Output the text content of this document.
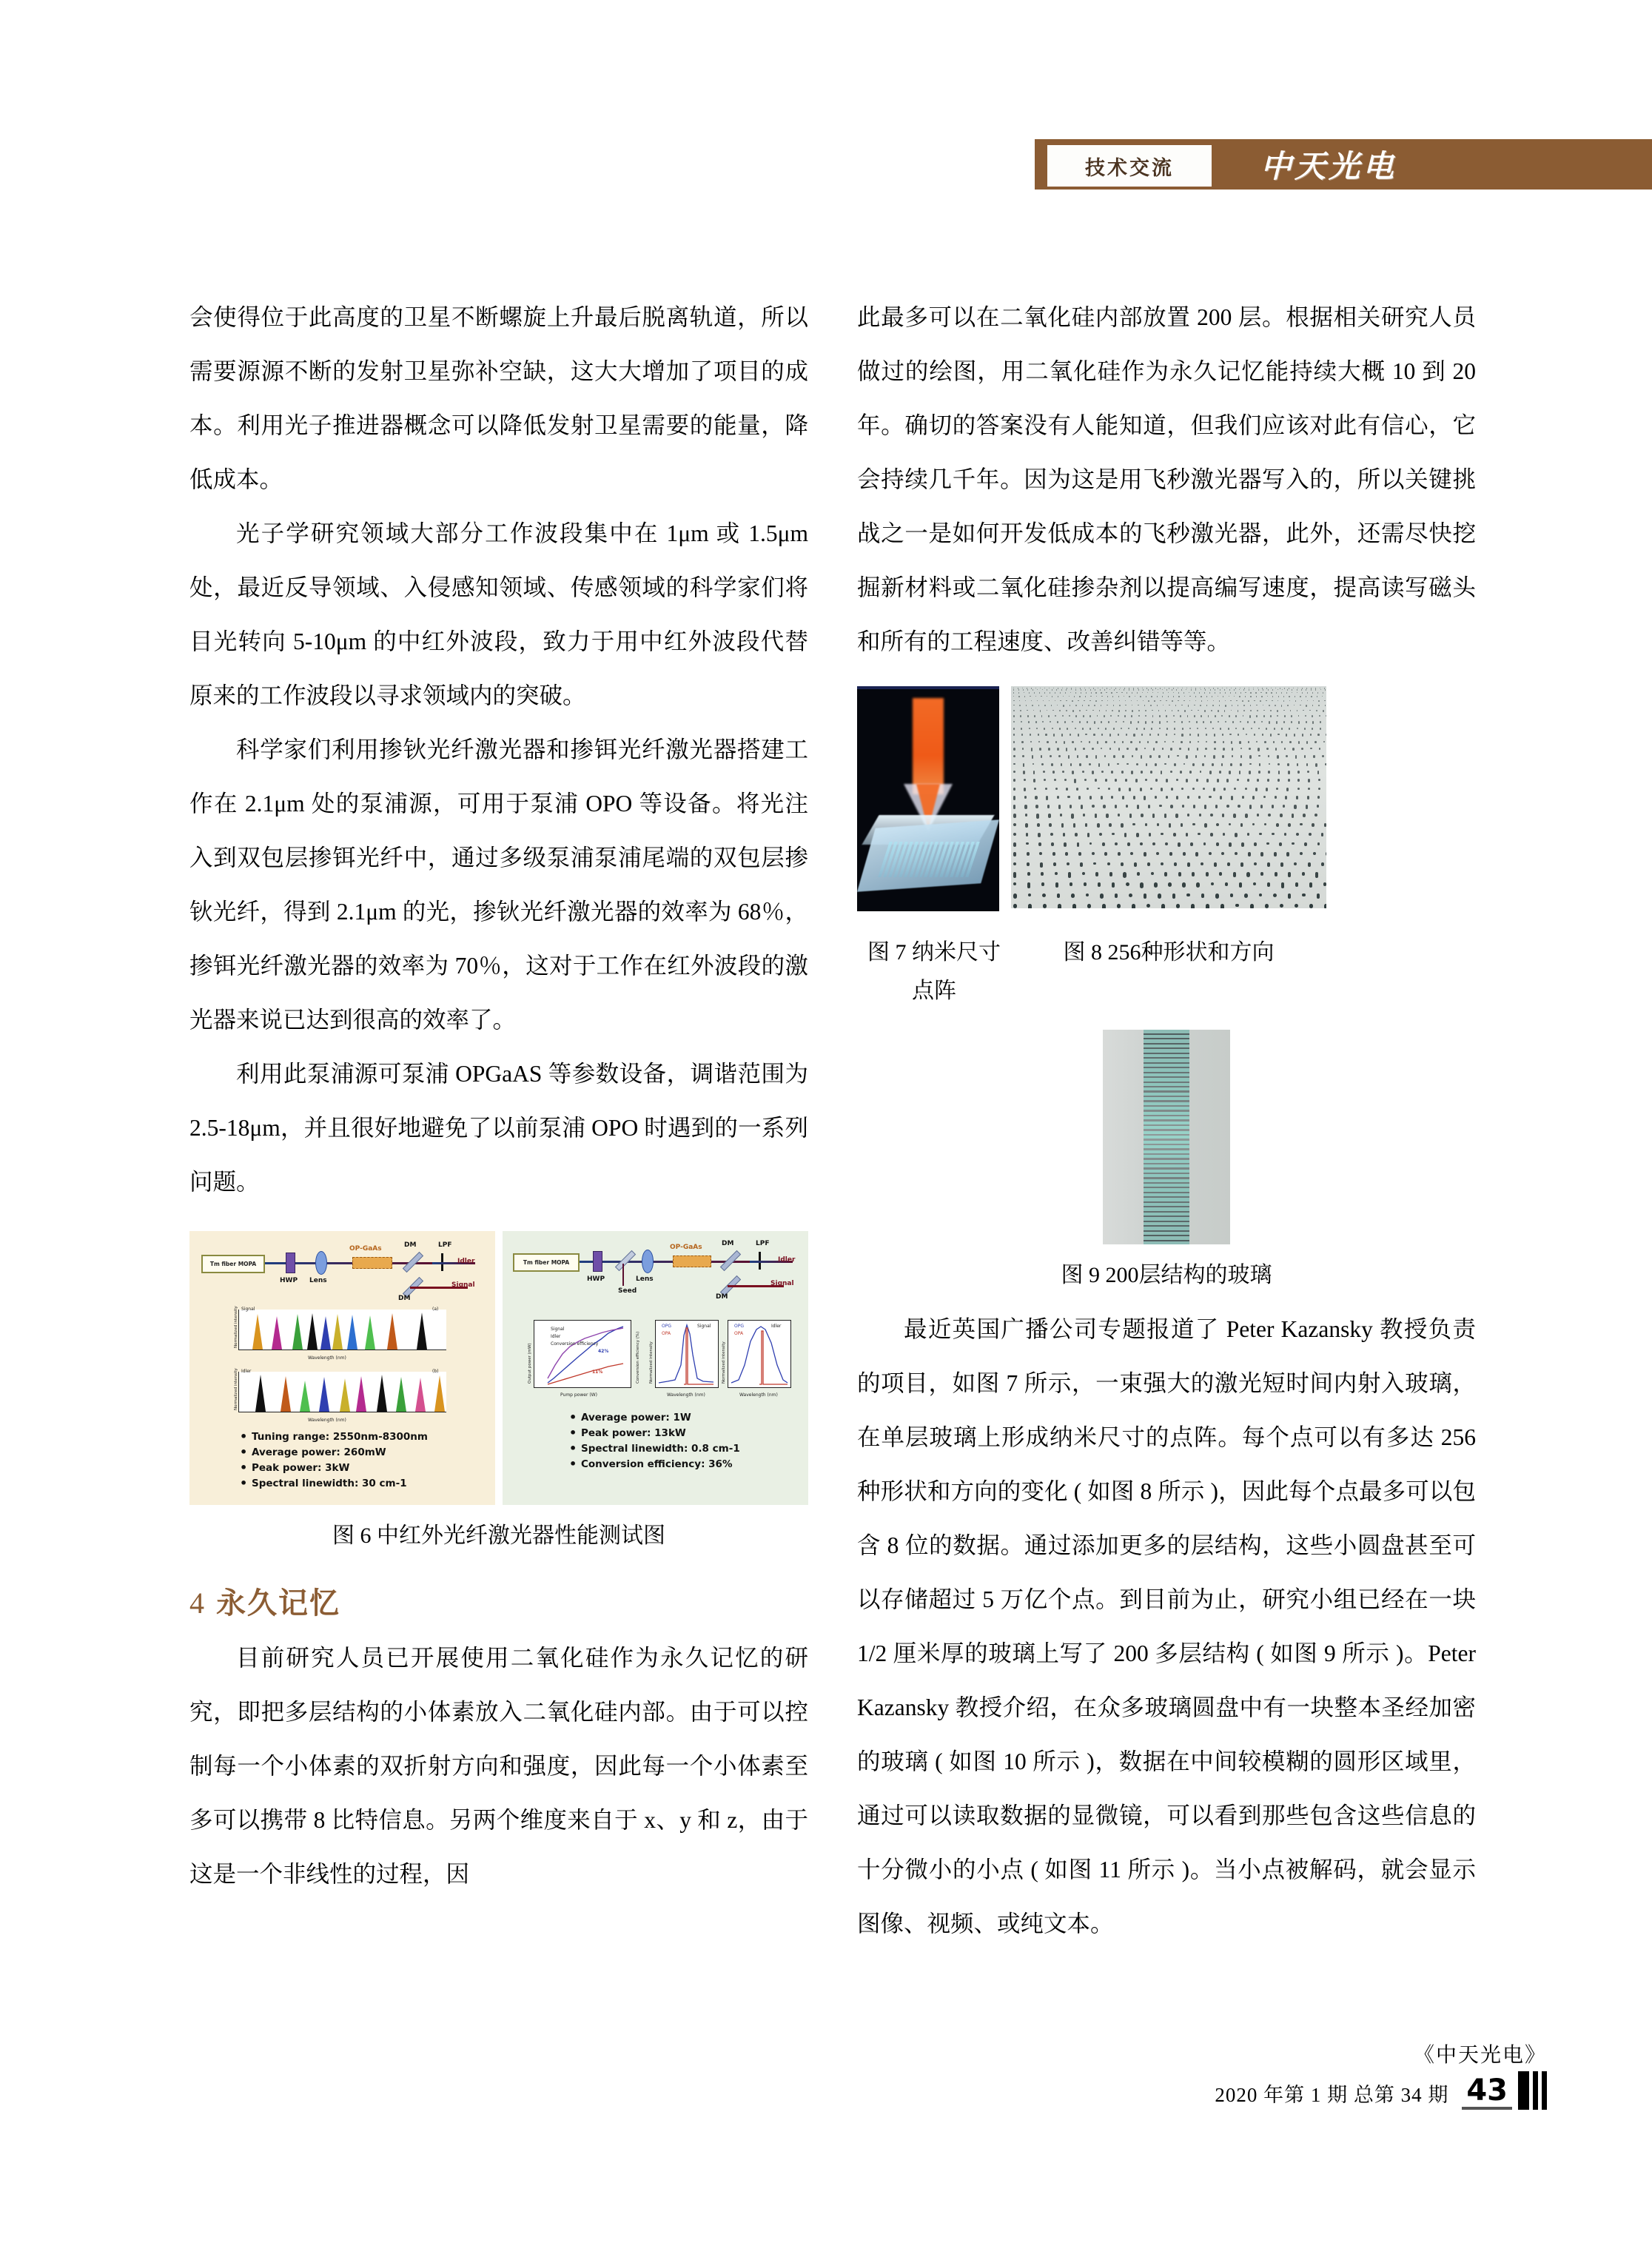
技术交流	中天光电

会使得位于此高度的卫星不断螺旋上升最后脱离轨道，所以需要源源不断的发射卫星弥补空缺，这大大增加了项目的成本。利用光子推进器概念可以降低发射卫星需要的能量，降低成本。

光子学研究领域大部分工作波段集中在 1μm 或 1.5μm 处，最近反导领域、入侵感知领域、传感领域的科学家们将目光转向 5-10μm 的中红外波段，致力于用中红外波段代替原来的工作波段以寻求领域内的突破。

科学家们利用掺钬光纤激光器和掺铒光纤激光器搭建工作在 2.1μm 处的泵浦源，可用于泵浦 OPO 等设备。将光注入到双包层掺铒光纤中，通过多级泵浦泵浦尾端的双包层掺钬光纤，得到 2.1μm 的光，掺钬光纤激光器的效率为 68％，掺铒光纤激光器的效率为 70％，这对于工作在红外波段的激光器来说已达到很高的效率了。

利用此泵浦源可泵浦 OPGaAS 等参数设备，调谐范围为 2.5-18μm，并且很好地避免了以前泵浦 OPO 时遇到的一系列问题。

Tm fiber MOPA
HWP Lens
OP-GaAs	DM
DM
LPF
Idler
Signal
(a)
Signal
Wavelength (nm)
Normalized intensity
(b)
Idler
Wavelength (nm)
Normalized intensity
• Tuning range: 2550nm-8300nm
• Average power: 260mW
• Peak power: 3kW
• Spectral linewidth: 30 cm-1
Tm fiber MOPA
HWP
Seed
Lens
OP-GaAs	DM
DM
LPF
Idler
Signal
42%
11%
Signal
Idler
Conversion efficiency
Pump power (W)
Output power (mW)	Conversion efficiency (%)
OPG
OPA
Signal
Wavelength (nm)
Normalized intensity
OPG
OPA
Idler
Wavelength (nm)
Normalized intensity
• Average power: 1W
• Peak power: 13kW
• Spectral linewidth: 0.8 cm-1
• Conversion efficiency: 36%
图 6 中红外光纤激光器性能测试图
4 永久记忆

目前研究人员已开展使用二氧化硅作为永久记忆的研究，即把多层结构的小体素放入二氧化硅内部。由于可以控制每一个小体素的双折射方向和强度，因此每一个小体素至多可以携带 8 比特信息。另两个维度来自于 x、y 和 z，由于这是一个非线性的过程，因

此最多可以在二氧化硅内部放置 200 层。根据相关研究人员做过的绘图，用二氧化硅作为永久记忆能持续大概 10 到 20 年。确切的答案没有人能知道，但我们应该对此有信心，它会持续几千年。因为这是用飞秒激光器写入的，所以关键挑战之一是如何开发低成本的飞秒激光器，此外，还需尽快挖掘新材料或二氧化硅掺杂剂以提高编写速度，提高读写磁头和所有的工程速度、改善纠错等等。

图 7 纳米尺寸点阵
图 8 256种形状和方向
图 9 200层结构的玻璃

最近英国广播公司专题报道了 Peter Kazansky 教授负责的项目，如图 7 所示，一束强大的激光短时间内射入玻璃，在单层玻璃上形成纳米尺寸的点阵。每个点可以有多达 256 种形状和方向的变化 ( 如图 8 所示 )，因此每个点最多可以包含 8 位的数据。通过添加更多的层结构，这些小圆盘甚至可以存储超过 5 万亿个点。到目前为止，研究小组已经在一块 1/2 厘米厚的玻璃上写了 200 多层结构 ( 如图 9 所示 )。Peter Kazansky 教授介绍，在众多玻璃圆盘中有一块整本圣经加密的玻璃 ( 如图 10 所示 )，数据在中间较模糊的圆形区域里，通过可以读取数据的显微镜，可以看到那些包含这些信息的十分微小的小点 ( 如图 11 所示 )。当小点被解码，就会显示图像、视频、或纯文本。

《中天光电》
2020 年第 1 期 总第 34 期 43
